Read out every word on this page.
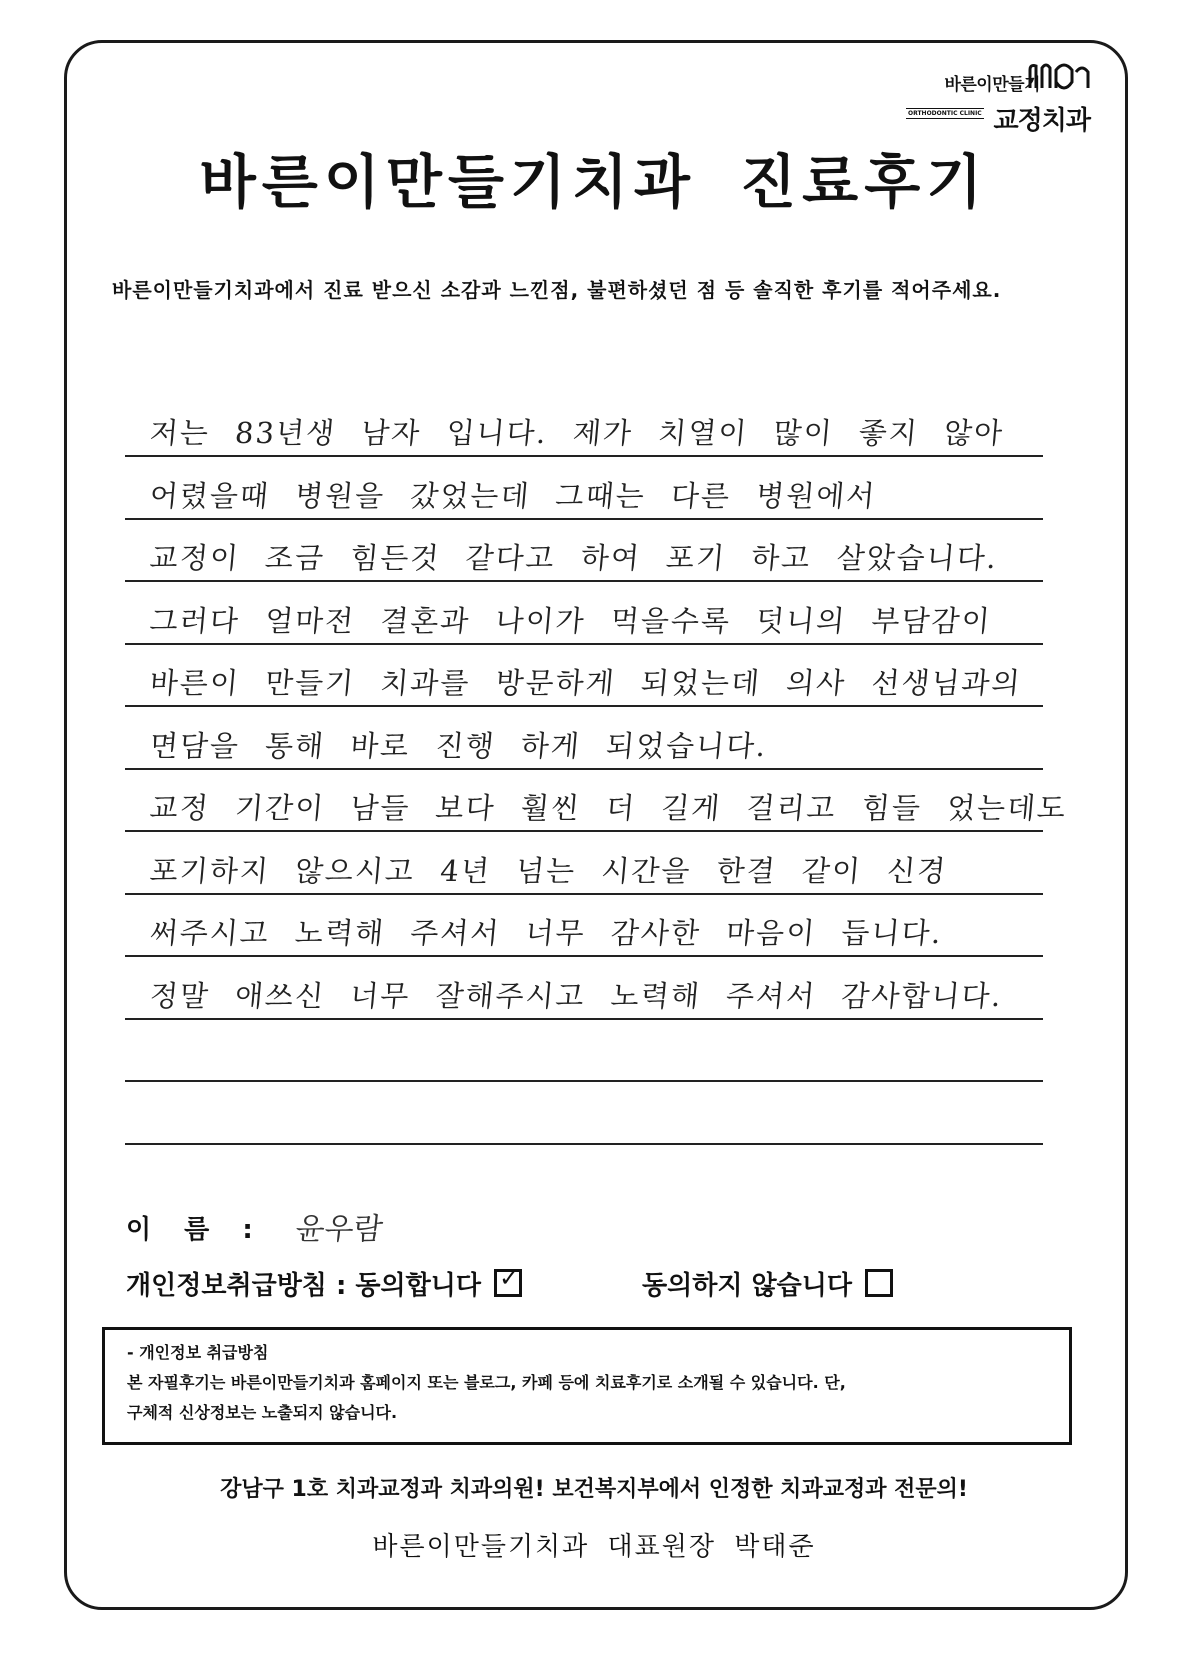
바른이만들기
ORTHODONTIC CLINIC 교정치과
바른이만들기치과 진료후기
바른이만들기치과에서 진료 받으신 소감과 느낀점, 불편하셨던 점 등 솔직한 후기를 적어주세요.
저는 83년생 남자 입니다. 제가 치열이 많이 좋지 않아
어렸을때 병원을 갔었는데 그때는 다른 병원에서
교정이 조금 힘든것 같다고 하여 포기 하고 살았습니다.
그러다 얼마전 결혼과 나이가 먹을수록 덧니의 부담감이
바른이 만들기 치과를 방문하게 되었는데 의사 선생님과의
면담을 통해 바로 진행 하게 되었습니다.
교정 기간이 남들 보다 훨씬 더 길게 걸리고 힘들 었는데도
포기하지 않으시고 4년 넘는 시간을 한결 같이 신경
써주시고 노력해 주셔서 너무 감사한 마음이 듭니다.
정말 애쓰신 너무 잘해주시고 노력해 주셔서 감사합니다.
이 름 : 윤우람
개인정보취급방침 : 동의합니다 ✓	동의하지 않습니다
- 개인정보 취급방침
본 자필후기는 바른이만들기치과 홈페이지 또는 블로그, 카페 등에 치료후기로 소개될 수 있습니다. 단,
구체적 신상정보는 노출되지 않습니다.
강남구 1호 치과교정과 치과의원! 보건복지부에서 인정한 치과교정과 전문의!
바른이만들기치과 대표원장 박태준
